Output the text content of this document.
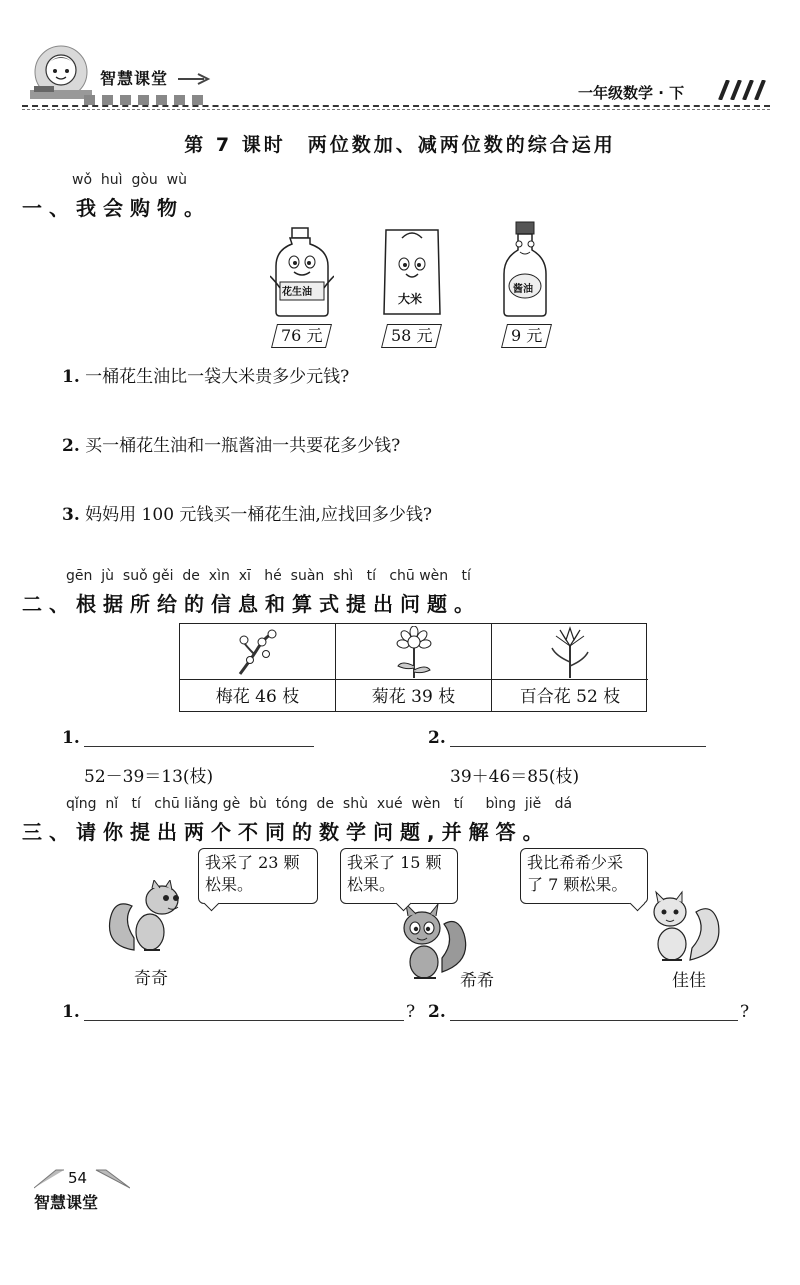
智慧课堂
一年级数学 · 下
第 7 课时　两位数加、减两位数的综合运用
wǒ  huì  gòu  wù
一、我会购物。
花生油
76 元
大米
58 元
酱油
9 元
1. 一桶花生油比一袋大米贵多少元钱?
2. 买一桶花生油和一瓶酱油一共要花多少钱?
3. 妈妈用 100 元钱买一桶花生油,应找回多少钱?
gēn  jù  suǒ gěi  de  xìn  xī   hé  suàn  shì   tí   chū wèn   tí
二、根据所给的信息和算式提出问题。
梅花 46 枝	菊花 39 枝	百合花 52 枝
1.
52－39＝13(枝)
2.
39＋46＝85(枝)
qǐng  nǐ   tí   chū liǎng gè  bù  tóng  de  shù  xué  wèn   tí     bìng  jiě   dá
三、请你提出两个不同的数学问题,并解答。
我采了 23 颗
松果。
奇奇
我采了 15 颗
松果。
希希
我比希希少采
了 7 颗松果。
佳佳
1.	? 2.	?
54
智慧课堂
